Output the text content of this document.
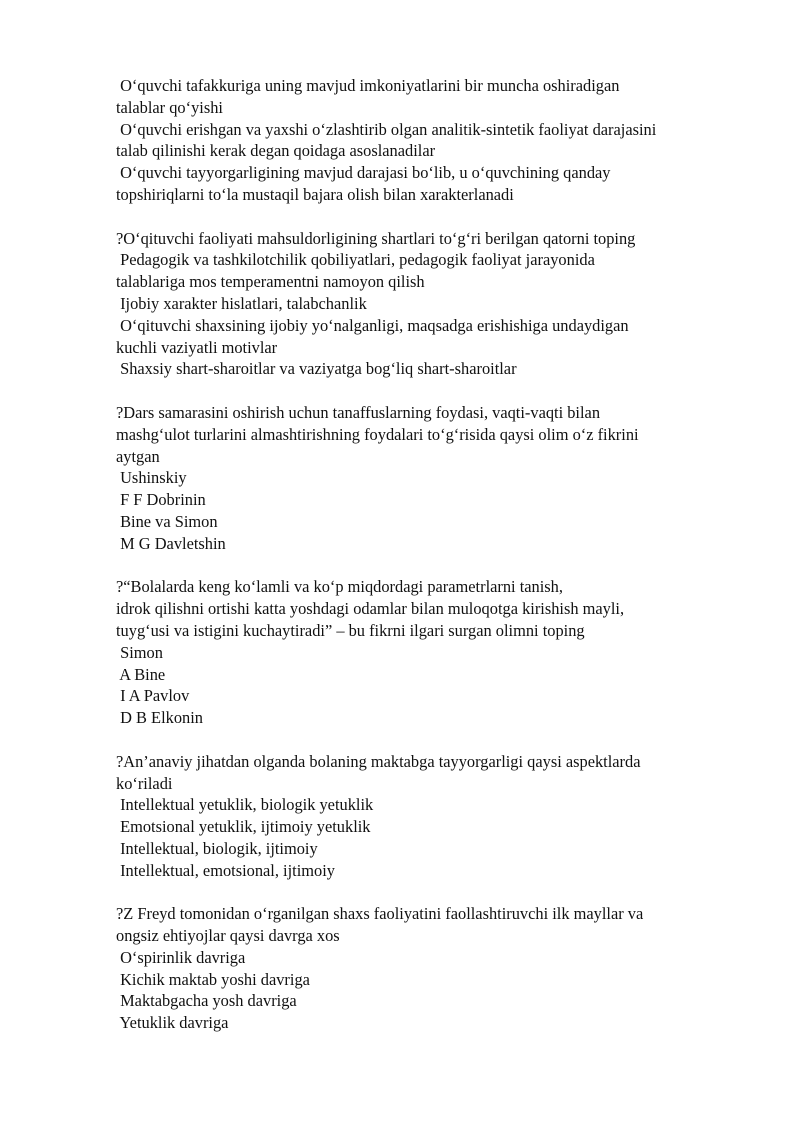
O‘quvchi tafakkuriga uning mavjud imkoniyatlarini bir muncha oshiradigan
talablar qo‘yishi
O‘quvchi erishgan va yaxshi o‘zlashtirib olgan analitik-sintetik faoliyat darajasini
talab qilinishi kerak degan qoidaga asoslanadilar
O‘quvchi tayyorgarligining mavjud darajasi bo‘lib, u o‘quvchining qanday
topshiriqlarni to‘la mustaqil bajara olish bilan xarakterlanadi
?O‘qituvchi faoliyati mahsuldorligining shartlari to‘g‘ri berilgan qatorni toping
Pedagogik va tashkilotchilik qobiliyatlari, pedagogik faoliyat jarayonida
talablariga mos temperamentni namoyon qilish
Ijobiy xarakter hislatlari, talabchanlik
O‘qituvchi shaxsining ijobiy yo‘nalganligi, maqsadga erishishiga undaydigan
kuchli vaziyatli motivlar
Shaxsiy shart-sharoitlar va vaziyatga bog‘liq shart-sharoitlar
?Dars samarasini oshirish uchun tanaffuslarning foydasi, vaqti-vaqti bilan
mashg‘ulot turlarini almashtirishning foydalari to‘g‘risida qaysi olim o‘z fikrini
aytgan
Ushinskiy
F F Dobrinin
Bine va Simon
M G Davletshin
?“Bolalarda keng ko‘lamli va ko‘p miqdordagi parametrlarni tanish,
idrok qilishni ortishi katta yoshdagi odamlar bilan muloqotga kirishish mayli,
tuyg‘usi va istigini kuchaytiradi” – bu fikrni ilgari surgan olimni toping
Simon
A Bine
I A Pavlov
D B Elkonin
?An’anaviy jihatdan olganda bolaning maktabga tayyorgarligi qaysi aspektlarda
ko‘riladi
Intellektual yetuklik, biologik yetuklik
Emotsional yetuklik, ijtimoiy yetuklik
Intellektual, biologik, ijtimoiy
Intellektual, emotsional, ijtimoiy
?Z Freyd tomonidan o‘rganilgan shaxs faoliyatini faollashtiruvchi ilk mayllar va
ongsiz ehtiyojlar qaysi davrga xos
O‘spirinlik davriga
Kichik maktab yoshi davriga
Maktabgacha yosh davriga
Yetuklik davriga
